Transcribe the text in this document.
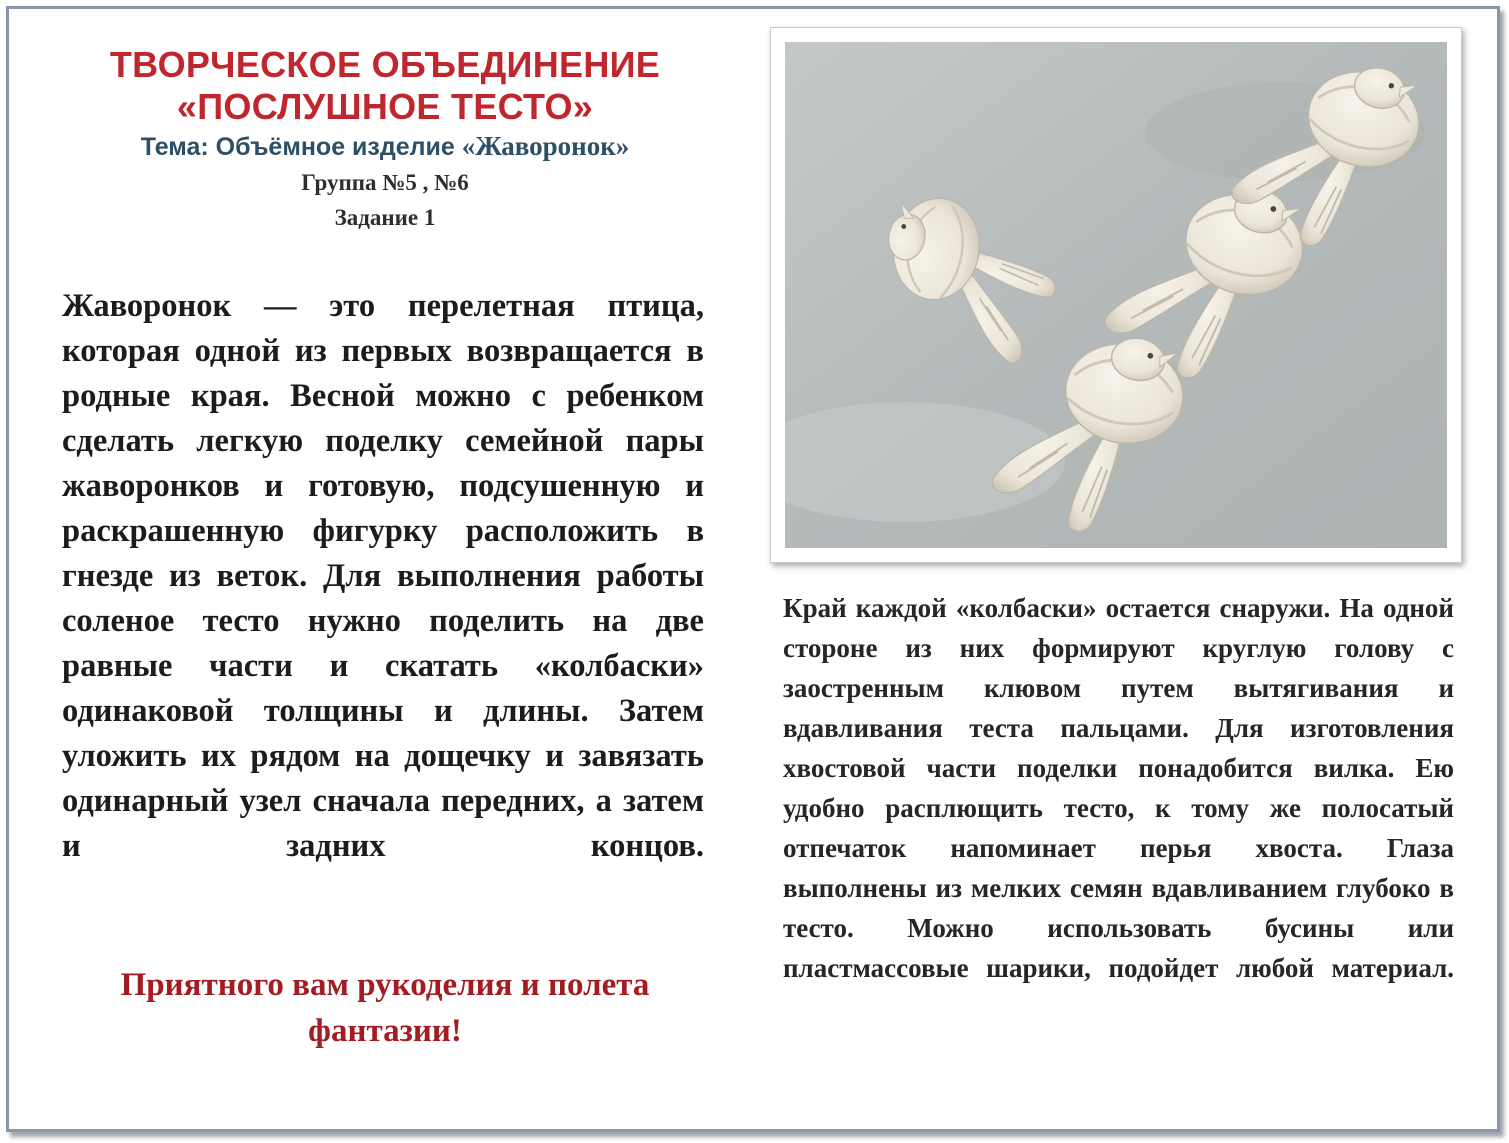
ТВОРЧЕСКОЕ ОБЪЕДИНЕНИЕ
«ПОСЛУШНОЕ ТЕСТО»
Тема: Объёмное изделие «Жаворонок»
Группа №5 , №6
Задание 1
Жаворонок — это перелетная птица, которая одной из первых возвращается в родные края. Весной можно с ребенком сделать легкую поделку семейной пары жаворонков и готовую, подсушенную и раскрашенную фигурку расположить в гнезде из веток. Для выполнения работы соленое тесто нужно поделить на две равные части и скатать «колбаски» одинаковой толщины и длины. Затем уложить их рядом на дощечку и завязать одинарный узел сначала передних, а затем и задних концов.
Приятного вам рукоделия и полета фантазии!
Край каждой «колбаски» остается снаружи. На одной стороне из них формируют круглую голову с заостренным клювом путем вытягивания и вдавливания теста пальцами. Для изготовления хвостовой части поделки понадобится вилка. Ею удобно расплющить тесто, к тому же полосатый отпечаток напоминает перья хвоста. Глаза выполнены из мелких семян вдавливанием глубоко в тесто. Можно использовать бусины или пластмассовые шарики, подойдет любой материал.
